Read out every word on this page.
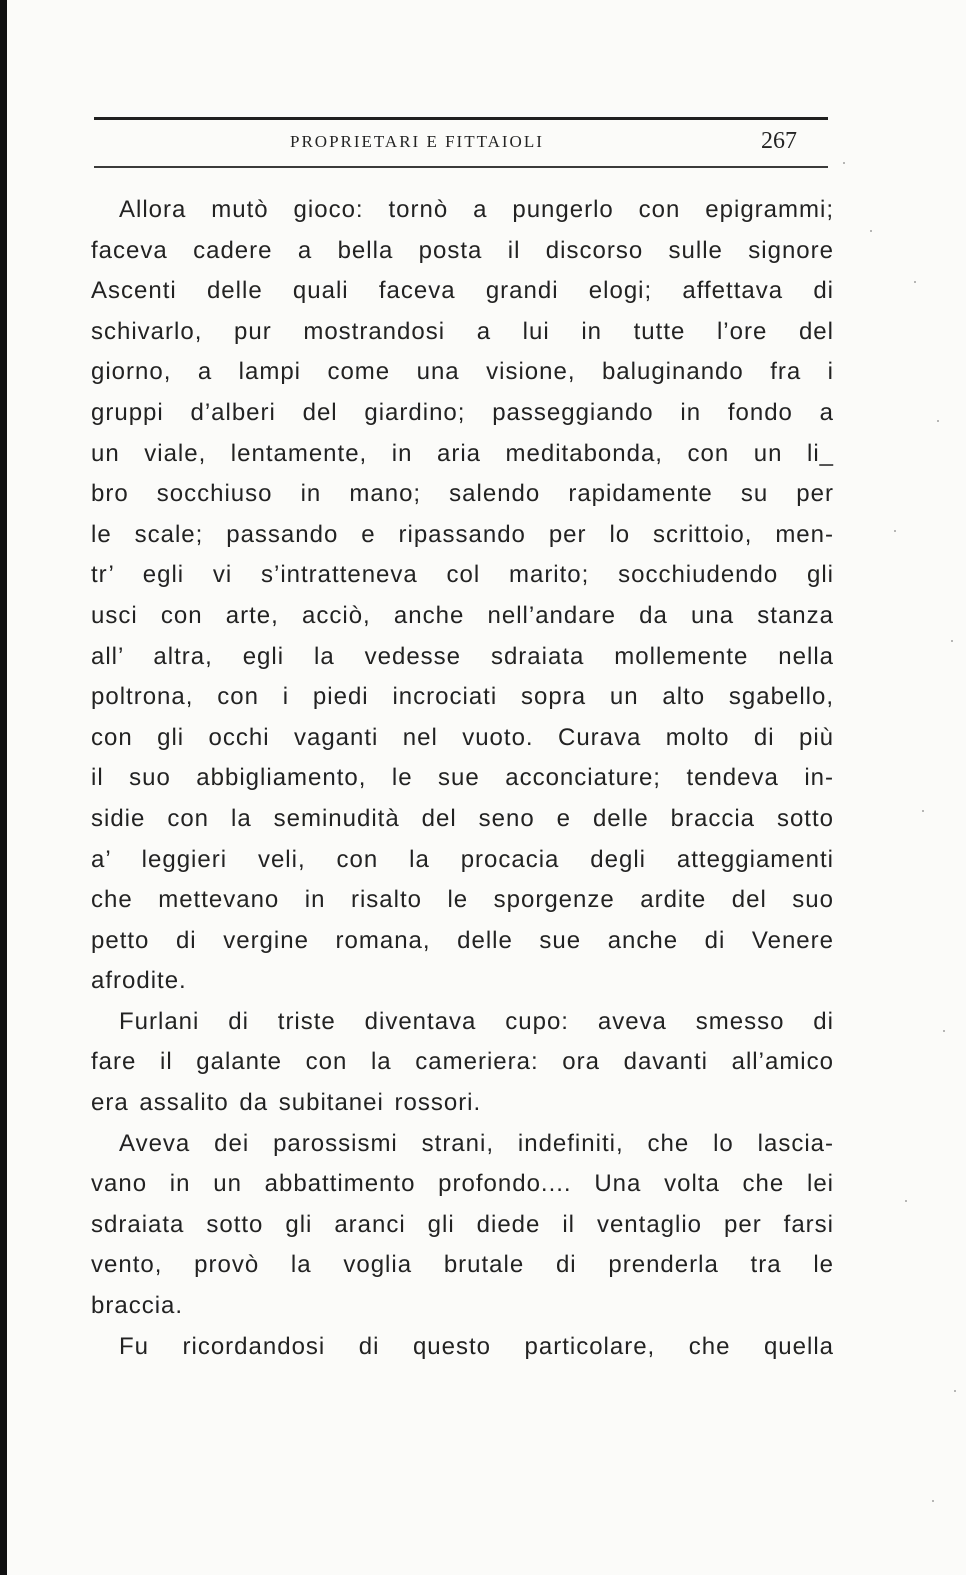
PROPRIETARI E FITTAIOLI	267
Allora mutò gioco: tornò a pungerlo con epigrammi;
faceva cadere a bella posta il discorso sulle signore
Ascenti delle quali faceva grandi elogi; affettava di
schivarlo, pur mostrandosi a lui in tutte l’ore del
giorno, a lampi come una visione, baluginando fra i
gruppi d’alberi del giardino; passeggiando in fondo a
un viale, lentamente, in aria meditabonda, con un li_
bro socchiuso in mano; salendo rapidamente su per
le scale; passando e ripassando per lo scrittoio, men-
tr’ egli vi s’intratteneva col marito; socchiudendo gli
usci con arte, acciò, anche nell’andare da una stanza
all’ altra, egli la vedesse sdraiata mollemente nella
poltrona, con i piedi incrociati sopra un alto sgabello,
con gli occhi vaganti nel vuoto. Curava molto di più
il suo abbigliamento, le sue acconciature; tendeva in-
sidie con la seminudità del seno e delle braccia sotto
a’ leggieri veli, con la procacia degli atteggiamenti
che mettevano in risalto le sporgenze ardite del suo
petto di vergine romana, delle sue anche di Venere
afrodite.
Furlani di triste diventava cupo: aveva smesso di
fare il galante con la cameriera: ora davanti all’amico
era assalito da subitanei rossori.
Aveva dei parossismi strani, indefiniti, che lo lascia-
vano in un abbattimento profondo.... Una volta che lei
sdraiata sotto gli aranci gli diede il ventaglio per farsi
vento, provò la voglia brutale di prenderla tra le
braccia.
Fu ricordandosi di questo particolare, che quella
